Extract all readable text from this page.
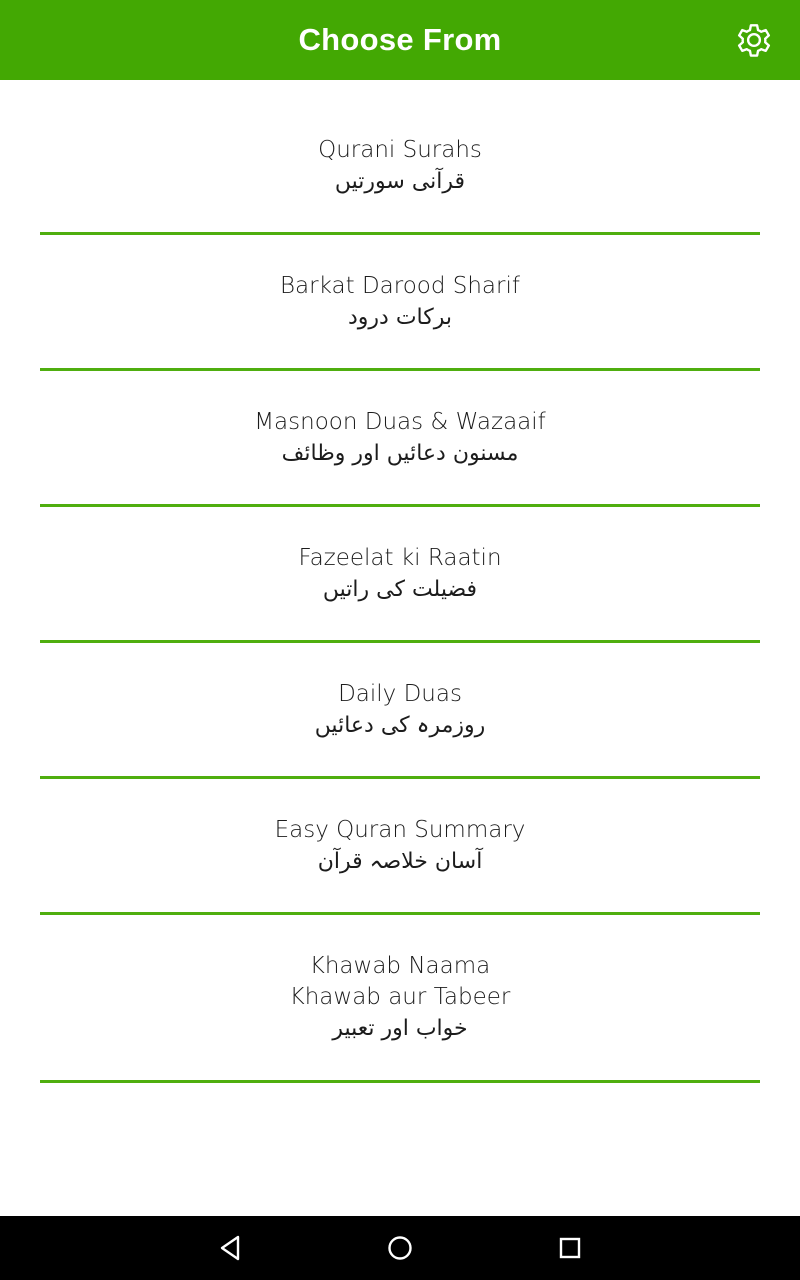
Choose From
Qurani Surahs
قرآنی سورتیں
Barkat Darood Sharif
برکات درود
Masnoon Duas & Wazaaif
مسنون دعائیں اور وظائف
Fazeelat ki Raatin
فضیلت کی راتیں
Daily Duas
روزمرہ کی دعائیں
Easy Quran Summary
آسان خلاصہ قرآن
Khawab Naama
Khawab aur Tabeer
خواب اور تعبیر
